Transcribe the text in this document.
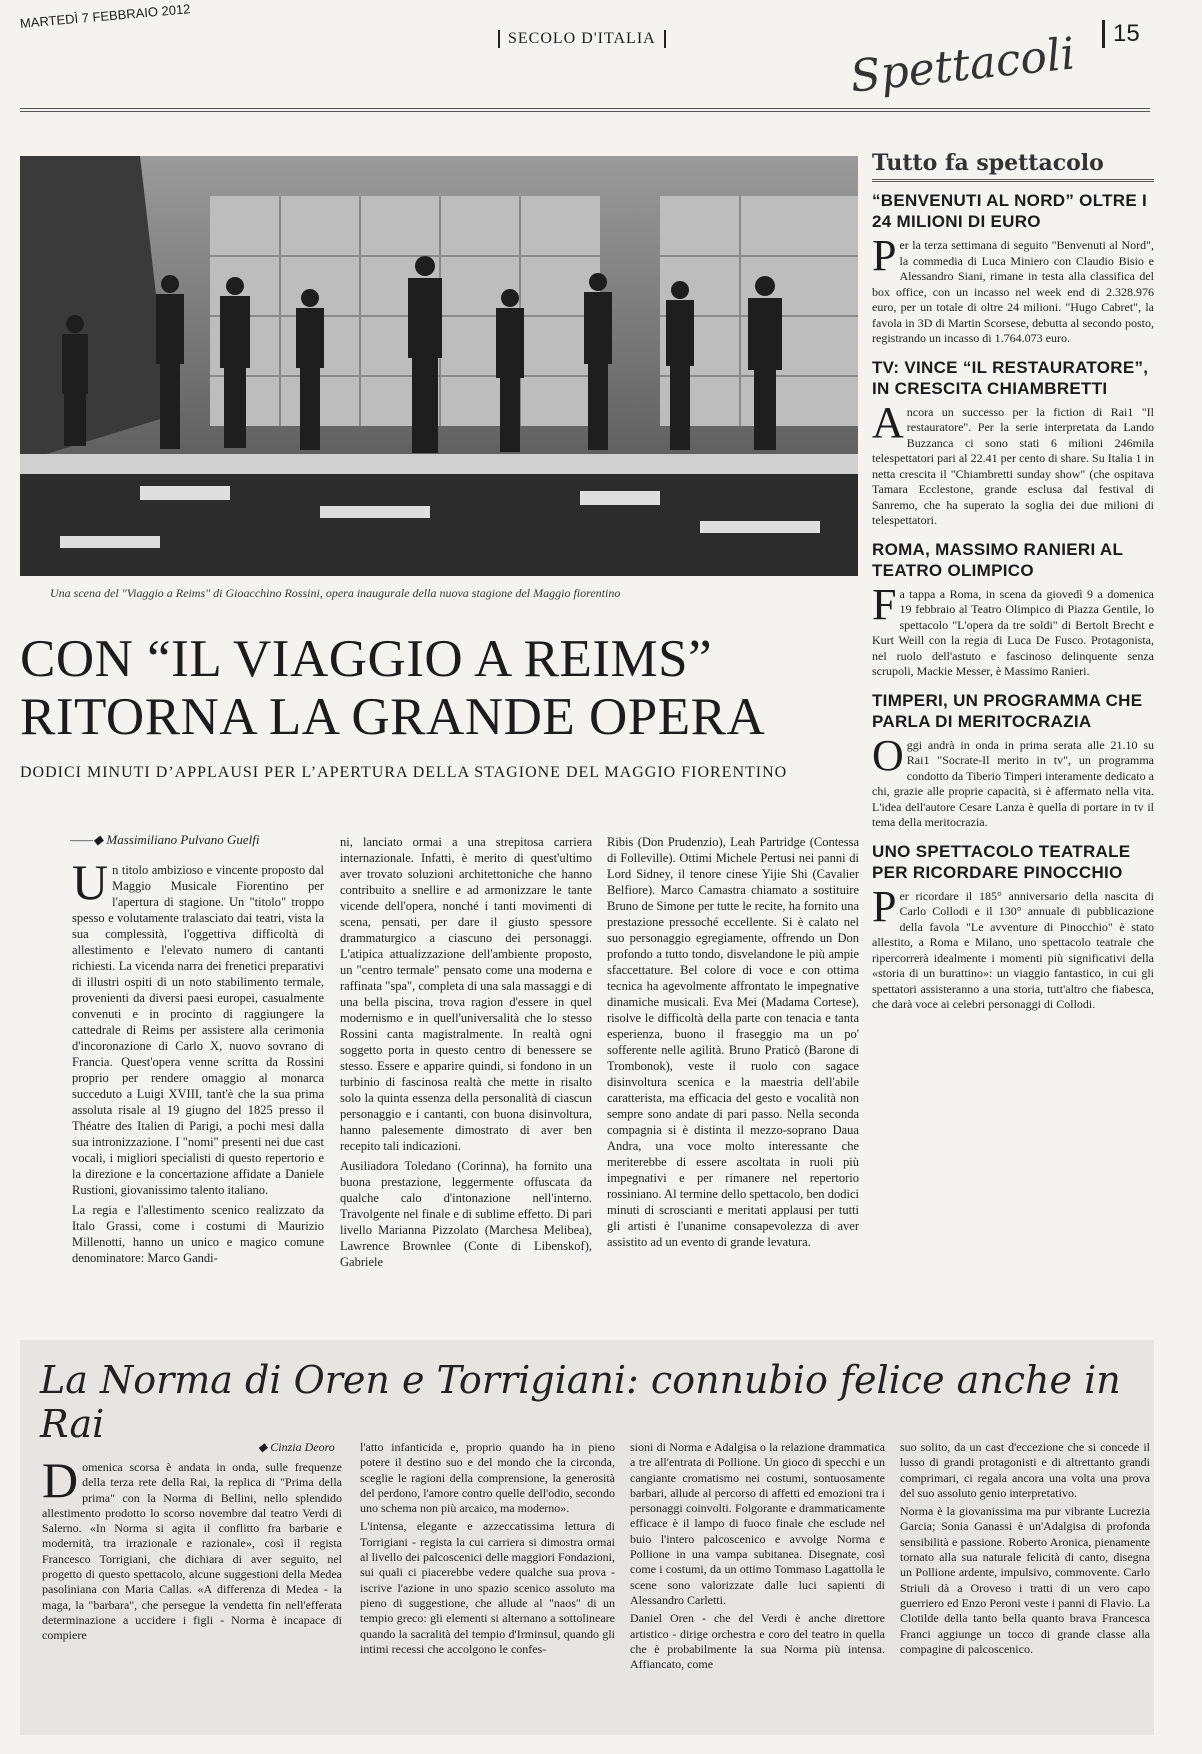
MARTEDÌ 7 FEBBRAIO 2012
SECOLO D'ITALIA	15
Spettacoli
Una scena del "Viaggio a Reims" di Gioacchino Rossini, opera inaugurale della nuova stagione del Maggio fiorentino
CON “IL VIAGGIO A REIMS”
RITORNA LA GRANDE OPERA
DODICI MINUTI D’APPLAUSI PER L’APERTURA DELLA STAGIONE DEL MAGGIO FIORENTINO
——◆ Massimiliano Pulvano Guelfi

Un titolo ambizioso e vincente proposto dal Maggio Musicale Fiorentino per l'apertura di stagione. Un "titolo" troppo spesso e volutamente tralasciato dai teatri, vista la sua complessità, l'oggettiva difficoltà di allestimento e l'elevato numero di cantanti richiesti. La vicenda narra dei frenetici preparativi di illustri ospiti di un noto stabilimento termale, provenienti da diversi paesi europei, casualmente convenuti e in procinto di raggiungere la cattedrale di Reims per assistere alla cerimonia d'incoronazione di Carlo X, nuovo sovrano di Francia. Quest'opera venne scritta da Rossini proprio per rendere omaggio al monarca succeduto a Luigi XVIII, tant'è che la sua prima assoluta risale al 19 giugno del 1825 presso il Théatre des Italien di Parigi, a pochi mesi dalla sua intronizzazione. I "nomi" presenti nei due cast vocali, i migliori specialisti di questo repertorio e la direzione e la concertazione affidate a Daniele Rustioni, giovanissimo talento italiano.

La regia e l'allestimento scenico realizzato da Italo Grassi, come i costumi di Maurizio Millenotti, hanno un unico e magico comune denominatore: Marco Gandi-

ni, lanciato ormai a una strepitosa carriera internazionale. Infatti, è merito di quest'ultimo aver trovato soluzioni architettoniche che hanno contribuito a snellire e ad armonizzare le tante vicende dell'opera, nonché i tanti movimenti di scena, pensati, per dare il giusto spessore drammaturgico a ciascuno dei personaggi. L'atipica attualizzazione dell'ambiente proposto, un "centro termale" pensato come una moderna e raffinata "spa", completa di una sala massaggi e di una bella piscina, trova ragion d'essere in quel modernismo e in quell'universalità che lo stesso Rossini canta magistralmente. In realtà ogni soggetto porta in questo centro di benessere se stesso. Essere e apparire quindi, si fondono in un turbinio di fascinosa realtà che mette in risalto solo la quinta essenza della personalità di ciascun personaggio e i cantanti, con buona disinvoltura, hanno palesemente dimostrato di aver ben recepito tali indicazioni.

Ausiliadora Toledano (Corinna), ha fornito una buona prestazione, leggermente offuscata da qualche calo d'intonazione nell'interno. Travolgente nel finale e di sublime effetto. Di pari livello Marianna Pizzolato (Marchesa Melibea), Lawrence Brownlee (Conte di Libenskof), Gabriele

Ribis (Don Prudenzio), Leah Partridge (Contessa di Folleville). Ottimi Michele Pertusi nei panni di Lord Sidney, il tenore cinese Yijie Shi (Cavalier Belfiore). Marco Camastra chiamato a sostituire Bruno de Simone per tutte le recite, ha fornito una prestazione pressoché eccellente. Si è calato nel suo personaggio egregiamente, offrendo un Don profondo a tutto tondo, disvelandone le più ampie sfaccettature. Bel colore di voce e con ottima tecnica ha agevolmente affrontato le impegnative dinamiche musicali. Eva Mei (Madama Cortese), risolve le difficoltà della parte con tenacia e tanta esperienza, buono il fraseggio ma un po' sofferente nelle agilità. Bruno Praticò (Barone di Trombonok), veste il ruolo con sagace disinvoltura scenica e la maestria dell'abile caratterista, ma efficacia del gesto e vocalità non sempre sono andate di pari passo. Nella seconda compagnia si è distinta il mezzo-soprano Daua Andra, una voce molto interessante che meriterebbe di essere ascoltata in ruoli più impegnativi e per rimanere nel repertorio rossiniano. Al termine dello spettacolo, ben dodici minuti di scroscianti e meritati applausi per tutti gli artisti è l'unanime consapevolezza di aver assistito ad un evento di grande levatura.

Tutto fa spettacolo
“BENVENUTI AL NORD” OLTRE I 24 MILIONI DI EURO

Per la terza settimana di seguito "Benvenuti al Nord", la commedia di Luca Miniero con Claudio Bisio e Alessandro Siani, rimane in testa alla classifica del box office, con un incasso nel week end di 2.328.976 euro, per un totale di oltre 24 milioni. "Hugo Cabret", la favola in 3D di Martin Scorsese, debutta al secondo posto, registrando un incasso di 1.764.073 euro.

TV: VINCE “IL RESTAURATORE”, IN CRESCITA CHIAMBRETTI

Ancora un successo per la fiction di Rai1 "Il restauratore". Per la serie interpretata da Lando Buzzanca ci sono stati 6 milioni 246mila telespettatori pari al 22.41 per cento di share. Su Italia 1 in netta crescita il "Chiambretti sunday show" (che ospitava Tamara Ecclestone, grande esclusa dal festival di Sanremo, che ha superato la soglia dei due milioni di telespettatori.

ROMA, MASSIMO RANIERI AL TEATRO OLIMPICO

Fa tappa a Roma, in scena da giovedì 9 a domenica 19 febbraio al Teatro Olimpico di Piazza Gentile, lo spettacolo "L'opera da tre soldi" di Bertolt Brecht e Kurt Weill con la regia di Luca De Fusco. Protagonista, nel ruolo dell'astuto e fascinoso delinquente senza scrupoli, Mackie Messer, è Massimo Ranieri.

TIMPERI, UN PROGRAMMA CHE PARLA DI MERITOCRAZIA

Oggi andrà in onda in prima serata alle 21.10 su Rai1 "Socrate-Il merito in tv", un programma condotto da Tiberio Timperi interamente dedicato a chi, grazie alle proprie capacità, si è affermato nella vita. L'idea dell'autore Cesare Lanza è quella di portare in tv il tema della meritocrazia.

UNO SPETTACOLO TEATRALE PER RICORDARE PINOCCHIO

Per ricordare il 185° anniversario della nascita di Carlo Collodi e il 130° annuale di pubblicazione della favola "Le avventure di Pinocchio" è stato allestito, a Roma e Milano, uno spettacolo teatrale che ripercorrerà idealmente i momenti più significativi della «storia di un burattino»: un viaggio fantastico, in cui gli spettatori assisteranno a una storia, tutt'altro che fiabesca, che darà voce ai celebri personaggi di Collodi.

La Norma di Oren e Torrigiani: connubio felice anche in Rai
◆ Cinzia Deoro

Domenica scorsa è andata in onda, sulle frequenze della terza rete della Rai, la replica di "Prima della prima" con la Norma di Bellini, nello splendido allestimento prodotto lo scorso novembre dal teatro Verdi di Salerno. «In Norma si agita il conflitto fra barbarie e modernità, tra irrazionale e razionale», così il regista Francesco Torrigiani, che dichiara di aver seguito, nel progetto di questo spettacolo, alcune suggestioni della Medea pasoliniana con Maria Callas. «A differenza di Medea - la maga, la "barbara", che persegue la vendetta fin nell'efferata determinazione a uccidere i figli - Norma è incapace di compiere

l'atto infanticida e, proprio quando ha in pieno potere il destino suo e del mondo che la circonda, sceglie le ragioni della comprensione, la generosità del perdono, l'amore contro quelle dell'odio, secondo uno schema non più arcaico, ma moderno».

L'intensa, elegante e azzeccatissima lettura di Torrigiani - regista la cui carriera si dimostra ormai al livello dei palcoscenici delle maggiori Fondazioni, sui quali ci piacerebbe vedere qualche sua prova - iscrive l'azione in uno spazio scenico assoluto ma pieno di suggestione, che allude al "naos" di un tempio greco: gli elementi si alternano a sottolineare quando la sacralità del tempio d'Irminsul, quando gli intimi recessi che accolgono le confes-

sioni di Norma e Adalgisa o la relazione drammatica a tre all'entrata di Pollione. Un gioco di specchi e un cangiante cromatismo nei costumi, sontuosamente barbari, allude al percorso di affetti ed emozioni tra i personaggi coinvolti. Folgorante e drammaticamente efficace è il lampo di fuoco finale che esclude nel buio l'intero palcoscenico e avvolge Norma e Pollione in una vampa subitanea. Disegnate, così come i costumi, da un ottimo Tommaso Lagattolla le scene sono valorizzate dalle luci sapienti di Alessandro Carletti.

Daniel Oren - che del Verdi è anche direttore artistico - dirige orchestra e coro del teatro in quella che è probabilmente la sua Norma più intensa. Affiancato, come

suo solito, da un cast d'eccezione che si concede il lusso di grandi protagonisti e di altrettanto grandi comprimari, ci regala ancora una volta una prova del suo assoluto genio interpretativo.

Norma è la giovanissima ma pur vibrante Lucrezia Garcia; Sonia Ganassi è un'Adalgisa di profonda sensibilità e passione. Roberto Aronica, pienamente tornato alla sua naturale felicità di canto, disegna un Pollione ardente, impulsivo, commovente. Carlo Striuli dà a Oroveso i tratti di un vero capo guerriero ed Enzo Peroni veste i panni di Flavio. La Clotilde della tanto bella quanto brava Francesca Franci aggiunge un tocco di grande classe alla compagine di palcoscenico.
